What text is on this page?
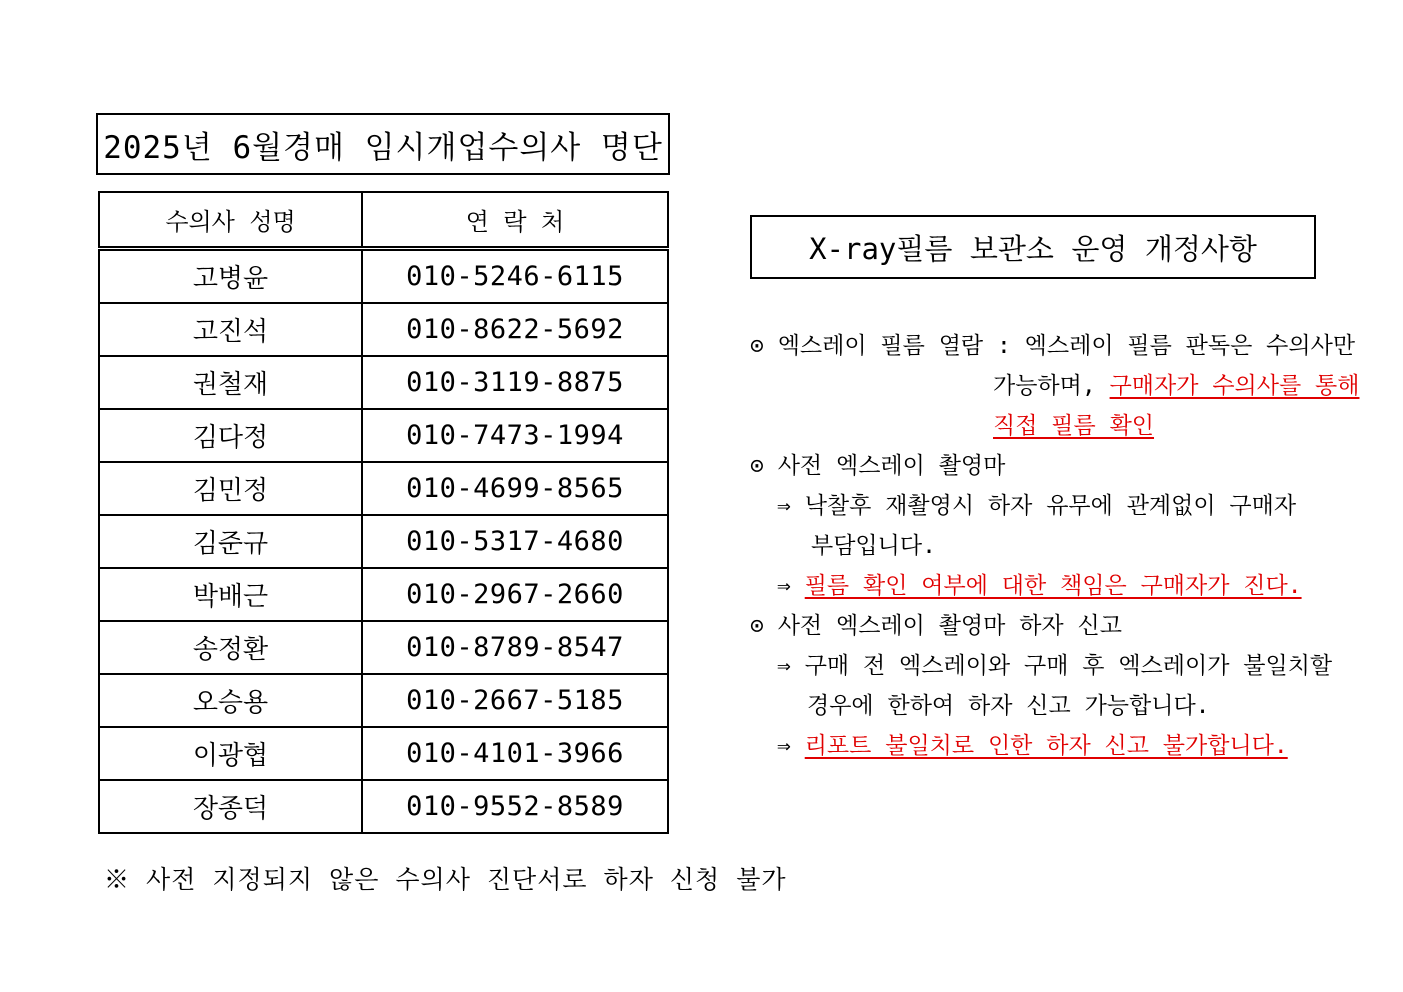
2025년 6월경매 임시개업수의사 명단
수의사 성명	연 락 처
고병윤	010-5246-6115
고진석	010-8622-5692
권철재	010-3119-8875
김다정	010-7473-1994
김민정	010-4699-8565
김준규	010-5317-4680
박배근	010-2967-2660
송정환	010-8789-8547
오승용	010-2667-5185
이광협	010-4101-3966
장종덕	010-9552-8589
※ 사전 지정되지 않은 수의사 진단서로 하자 신청 불가
X-ray필름 보관소 운영 개정사항
⊙ 엑스레이 필름 열람 : 엑스레이 필름 판독은 수의사만
가능하며, 구매자가 수의사를 통해
직접 필름 확인
⊙ 사전 엑스레이 촬영마
⇒ 낙찰후 재촬영시 하자 유무에 관계없이 구매자
부담입니다.
⇒ 필름 확인 여부에 대한 책임은 구매자가 진다.
⊙ 사전 엑스레이 촬영마 하자 신고
⇒ 구매 전 엑스레이와 구매 후 엑스레이가 불일치할
경우에 한하여 하자 신고 가능합니다.
⇒ 리포트 불일치로 인한 하자 신고 불가합니다.
